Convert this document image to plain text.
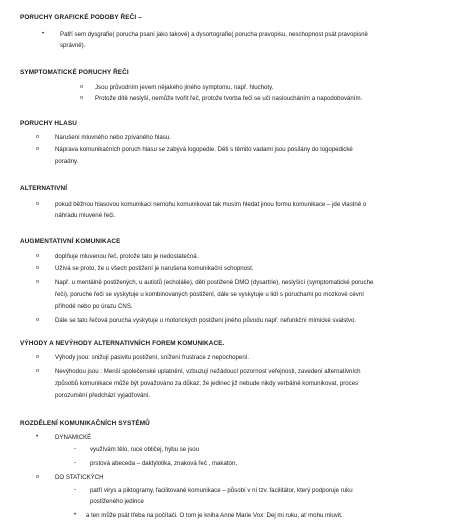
PORUCHY GRAFICKÉ PODOBY ŘEČI –
•
Patří sem dysgrafie( porucha psaní jako takové) a dysortografie( porucha pravopisu, neschopnost psát pravopisně
správně).
SYMPTOMATICKÉ PORUCHY ŘEČI
o
Jsou průvodním jevem nějakého jiného symptomu, např. hluchoty.
o
Protože dítě neslyší, nemůže tvořit řeč, protože tvorba řeči se učí nasloucháním a napodobováním.
PORUCHY HLASU
o
Narušení mluvného nebo zpívaného hlasu.
o
Náprava komunikačních poruch hlasu se zabývá logopedie. Děti s těmito vadami jsou posílány do logopedické
poradny.
ALTERNATIVNÍ
o
pokud běžnou hlasovou komunikaci nemohu komunikovat tak musím hledat jinou formu komunikace – jde vlastně o
náhradu mluvené řeči.
AUGMENTATIVNÍ KOMUNIKACE
o
doplňuje mluvenou řeč, protože tato je nedostatečná.
o
Užívá se proto, že u všech postižení je narušena komunikační schopnost.
o
Např. u mentálně postižených, u autistů (echolálie), dětí postižené DMO (dysartrie), neslyšící (symptomatické poruche
řeči), poruche řeči se vyskytuje u kombinovaných postižení, dále se vyskytuje u lidí s poruchami po mozkové cévní
příhodě nebo po úrazu CNS.
o
Dále se tato řečová porucha vyskytuje u motorických postižení jiného původu např. nefunkční mimické svalstvo.
VÝHODY A NEVÝHODY ALTERNATIVNÍCH FOREM KOMUNIKACE.
o
Výhody jsou: snižují pasivitu postižení, snížení frustrace z nepochopení.
o
Nevýhodou jsou : Menší společenské uplatnění, vzbuzují nežádoucí pozornost veřejnosti, zavedení alternativních
způsobů komunikace může být považováno za důkaz, že jedinec již nebude nikdy verbálně komunikovat, proces
porozumění předchází vyjadřování.
ROZDĚLENÍ KOMUNIKAČNÍCH SYSTÉMŮ
•
DYNAMICKÉ
- využívám tělo, ruce obličej, hýbu se jsou
- prstová abeceda – daktylotika, znaková řeč , makaton,
o
DO STATICKÝCH
- patří virys a piktogramy, facilitované komunikace – působí v ní tzv. facilitátor, který podporuje ruku
postiženého jedince
•
a ten může psát třeba na počítači. O tom je kniha Anne Marie Vox: Dej mi ruku, ať mohu mluvit.
